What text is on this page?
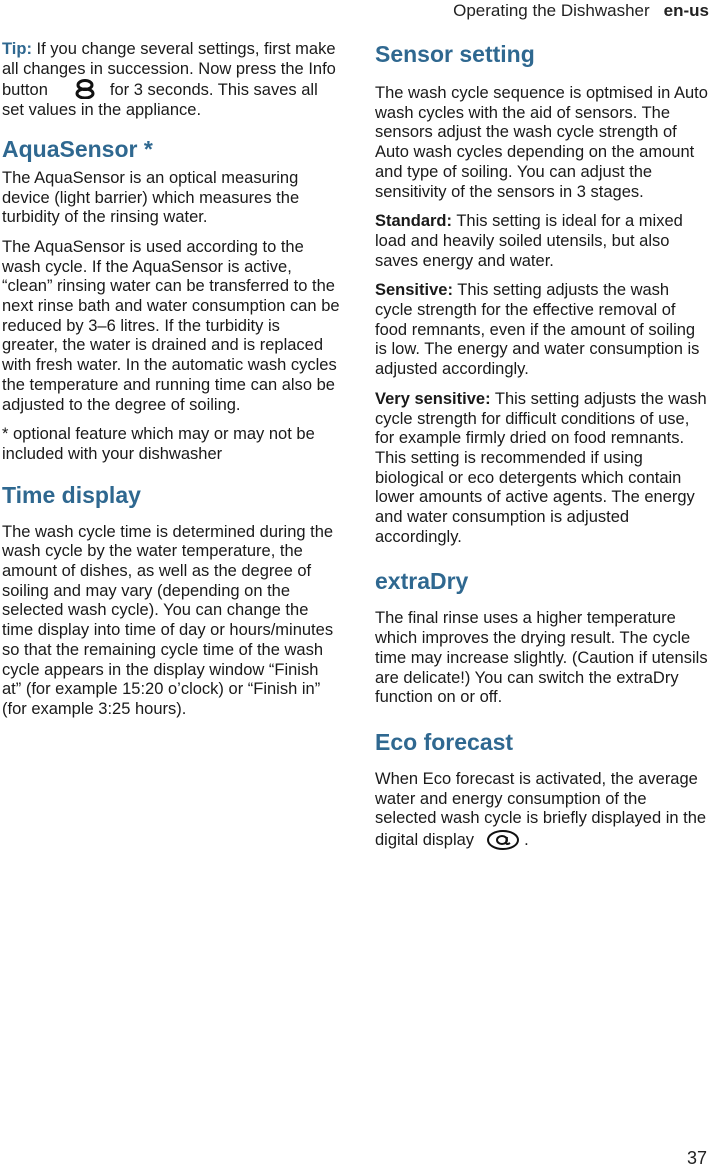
Operating the Dishwasher en-us

Tip: If you change several settings, first make all changes in succession. Now press the Info button	for 3 seconds. This saves all set values in the appliance.

AquaSensor *

The AquaSensor is an optical measuring device (light barrier) which measures the turbidity of the rinsing water.

The AquaSensor is used according to the wash cycle. If the AquaSensor is active, “clean” rinsing water can be transferred to the next rinse bath and water consumption can be reduced by 3–6 litres. If the turbidity is greater, the water is drained and is replaced with fresh water. In the automatic wash cycles the temperature and running time can also be adjusted to the degree of soiling.

* optional feature which may or may not be included with your dishwasher

Time display

The wash cycle time is determined during the wash cycle by the water temperature, the amount of dishes, as well as the degree of soiling and may vary (depending on the selected wash cycle). You can change the time display into time of day or hours/minutes so that the remaining cycle time of the wash cycle appears in the display window “Finish at” (for example 15:20 o’clock) or “Finish in” (for example 3:25 hours).

Sensor setting

The wash cycle sequence is optmised in Auto wash cycles with the aid of sensors. The sensors adjust the wash cycle strength of Auto wash cycles depending on the amount and type of soiling. You can adjust the sensitivity of the sensors in 3 stages.

Standard: This setting is ideal for a mixed load and heavily soiled utensils, but also saves energy and water.

Sensitive: This setting adjusts the wash cycle strength for the effective removal of food remnants, even if the amount of soiling is low. The energy and water consumption is adjusted accordingly.

Very sensitive: This setting adjusts the wash cycle strength for difficult conditions of use, for example firmly dried on food remnants. This setting is recommended if using biological or eco detergents which contain lower amounts of active agents. The energy and water consumption is adjusted accordingly.

extraDry

The final rinse uses a higher temperature which improves the drying result. The cycle time may increase slightly. (Caution if utensils are delicate!) You can switch the extraDry function on or off.

Eco forecast

When Eco forecast is activated, the average water and energy consumption of the selected wash cycle is briefly displayed in the digital display	.

37
